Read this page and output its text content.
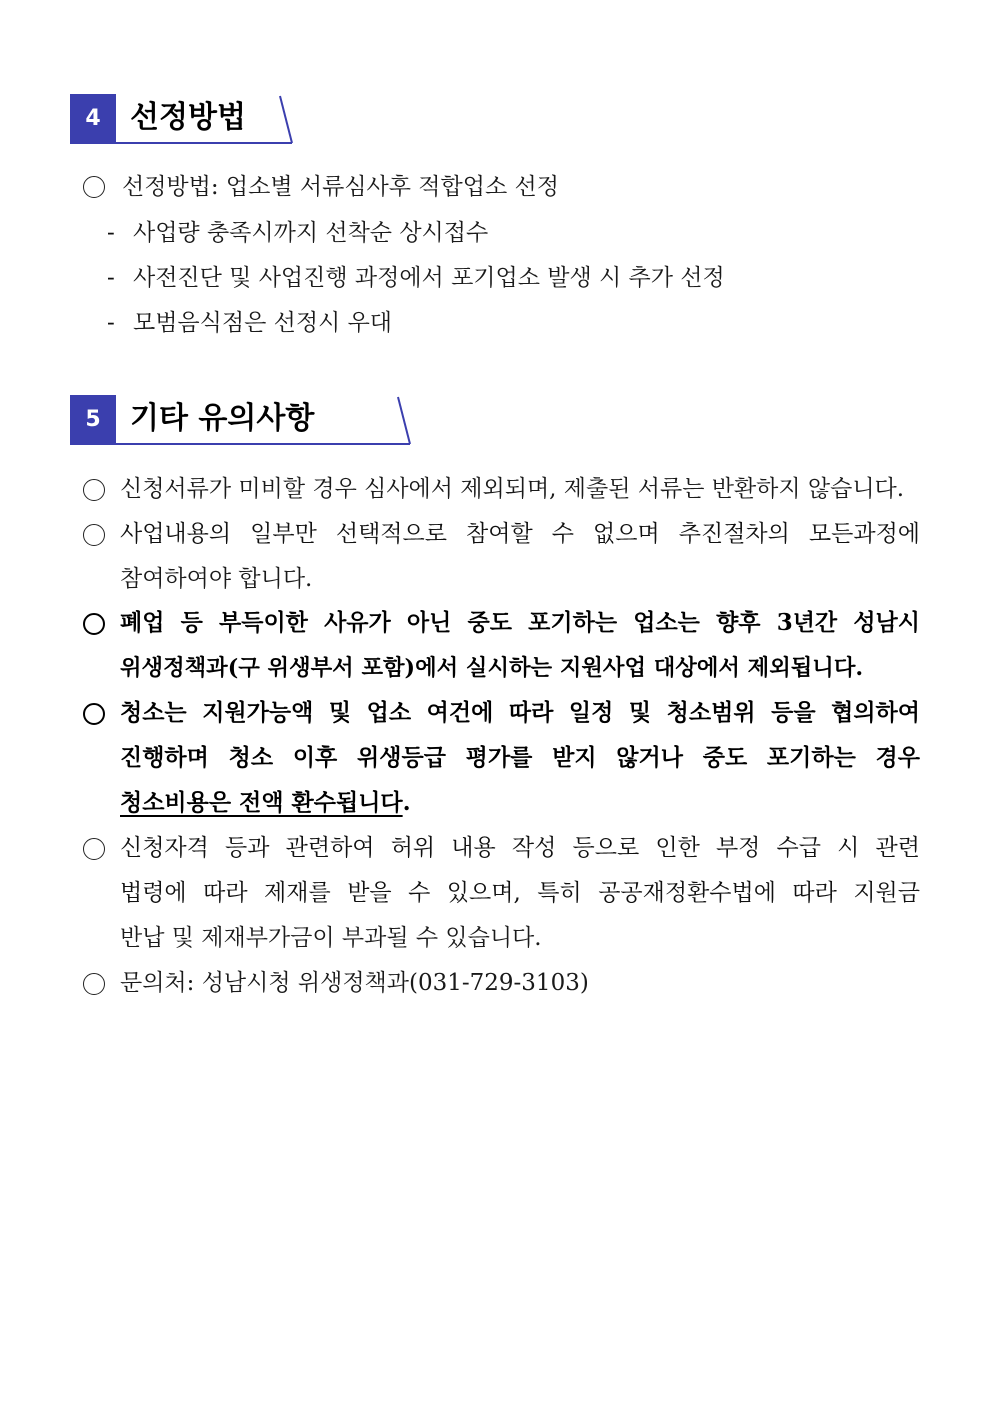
4 선정방법
선정방법: 업소별 서류심사후 적합업소 선정
- 사업량 충족시까지 선착순 상시접수
- 사전진단 및 사업진행 과정에서 포기업소 발생 시 추가 선정
- 모범음식점은 선정시 우대
5 기타 유의사항
신청서류가 미비할 경우 심사에서 제외되며, 제출된 서류는 반환하지 않습니다.
사업내용의 일부만 선택적으로 참여할 수 없으며 추진절차의 모든과정에
참여하여야 합니다.
폐업 등 부득이한 사유가 아닌 중도 포기하는 업소는 향후 3년간 성남시
위생정책과(구 위생부서 포함)에서 실시하는 지원사업 대상에서 제외됩니다.
청소는 지원가능액 및 업소 여건에 따라 일정 및 청소범위 등을 협의하여
진행하며 청소 이후 위생등급 평가를 받지 않거나 중도 포기하는 경우
청소비용은 전액 환수됩니다.
신청자격 등과 관련하여 허위 내용 작성 등으로 인한 부정 수급 시 관련
법령에 따라 제재를 받을 수 있으며, 특히 공공재정환수법에 따라 지원금
반납 및 제재부가금이 부과될 수 있습니다.
문의처: 성남시청 위생정책과(031-729-3103)
